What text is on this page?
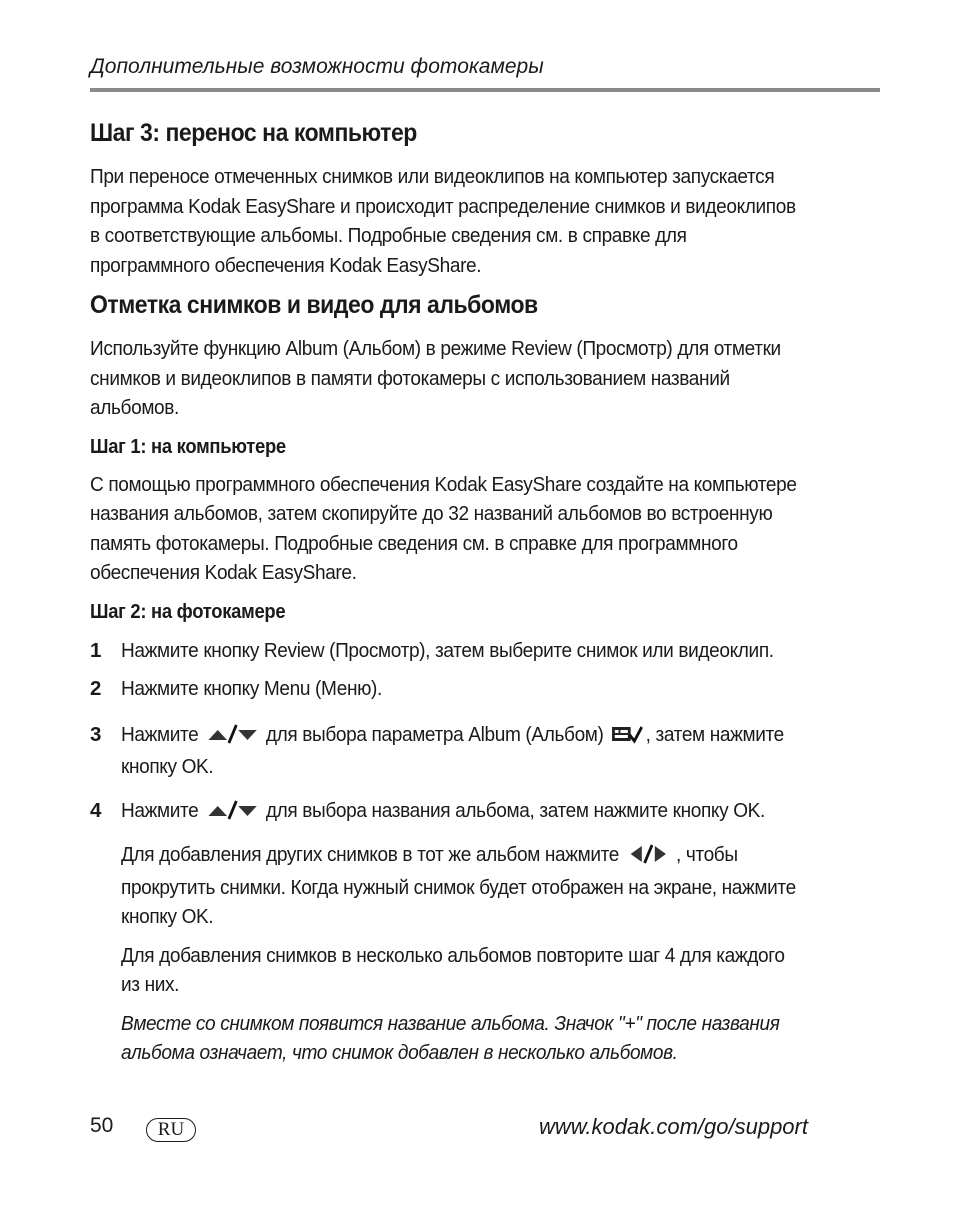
Дополнительные возможности фотокамеры
Шаг 3: перенос на компьютер

При переносе отмеченных снимков или видеоклипов на компьютер запускается

программа Kodak EasyShare и происходит распределение снимков и видеоклипов

в соответствующие альбомы. Подробные сведения см. в справке для

программного обеспечения Kodak EasyShare.

Отметка снимков и видео для альбомов

Используйте функцию Album (Альбом) в режиме Review (Просмотр) для отметки

снимков и видеоклипов в памяти фотокамеры с использованием названий

альбомов.

Шаг 1: на компьютере

С помощью программного обеспечения Kodak EasyShare создайте на компьютере

названия альбомов, затем скопируйте до 32 названий альбомов во встроенную

память фотокамеры. Подробные сведения см. в справке для программного

обеспечения Kodak EasyShare.

Шаг 2: на фотокамере
1 Нажмите кнопку Review (Просмотр), затем выберите снимок или видеоклип.
2 Нажмите кнопку Menu (Меню).
3 Нажмите	для выбора параметра Album (Альбом) , затем нажмите
кнопку OK.
4 Нажмите	для выбора названия альбома, затем нажмите кнопку OK.

Для добавления других снимков в тот же альбом нажмите	, чтобы

прокрутить снимки. Когда нужный снимок будет отображен на экране, нажмите

кнопку OK.

Для добавления снимков в несколько альбомов повторите шаг 4 для каждого

из них.

Вместе со снимком появится название альбома. Значок "+" после названия

альбома означает, что снимок добавлен в несколько альбомов.

50	RU	www.kodak.com/go/support
